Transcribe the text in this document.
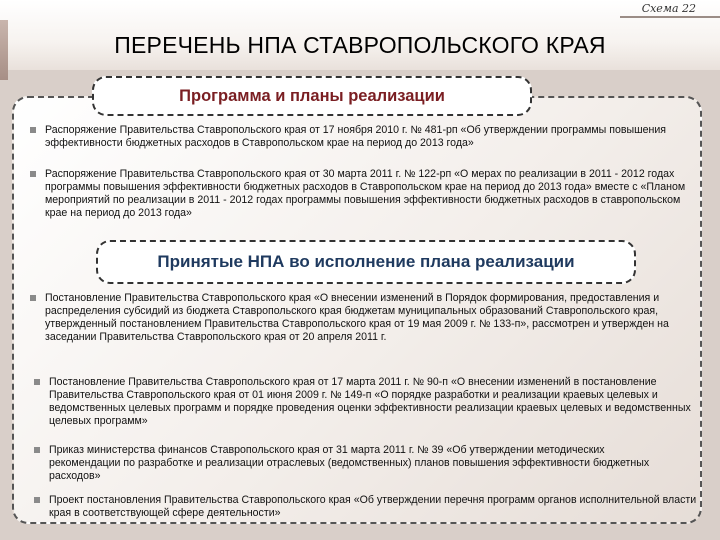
Схема 22
ПЕРЕЧЕНЬ НПА СТАВРОПОЛЬСКОГО КРАЯ
Программа и планы реализации

Распоряжение Правительства Ставропольского края от 17 ноября 2010 г. № 481-рп «Об утверждении программы повышения эффективности бюджетных расходов в Ставропольском крае на период до 2013 года»

Распоряжение Правительства Ставропольского края от 30 марта 2011 г. № 122-рп «О мерах по реализации в 2011 - 2012 годах программы повышения эффективности бюджетных расходов в Ставропольском крае на период до 2013 года» вместе с «Планом мероприятий по реализации в 2011 - 2012 годах программы повышения эффективности бюджетных расходов в ставропольском крае на период до 2013 года»

Принятые НПА во исполнение плана реализации

Постановление Правительства Ставропольского края «О внесении изменений в Порядок формирования, предоставления и распределения субсидий из бюджета Ставропольского края бюджетам муниципальных образований Ставропольского края, утвержденный постановлением Правительства Ставропольского края от 19 мая 2009 г. № 133-п», рассмотрен и утвержден на заседании Правительства Ставропольского края от 20 апреля 2011 г.

Постановление Правительства Ставропольского края от 17 марта 2011 г. № 90-п «О внесении изменений в постановление Правительства Ставропольского края от 01 июня 2009 г. № 149-п «О порядке разработки и реализации краевых целевых и ведомственных целевых программ и порядке проведения оценки эффективности реализации краевых целевых и ведомственных целевых программ»

Приказ министерства финансов Ставропольского края от 31 марта 2011 г. № 39 «Об утверждении методических рекомендации по разработке и реализации отраслевых (ведомственных) планов повышения эффективности бюджетных расходов»

Проект постановления Правительства Ставропольского края «Об утверждении перечня программ органов исполнительной власти края в соответствующей сфере деятельности»
